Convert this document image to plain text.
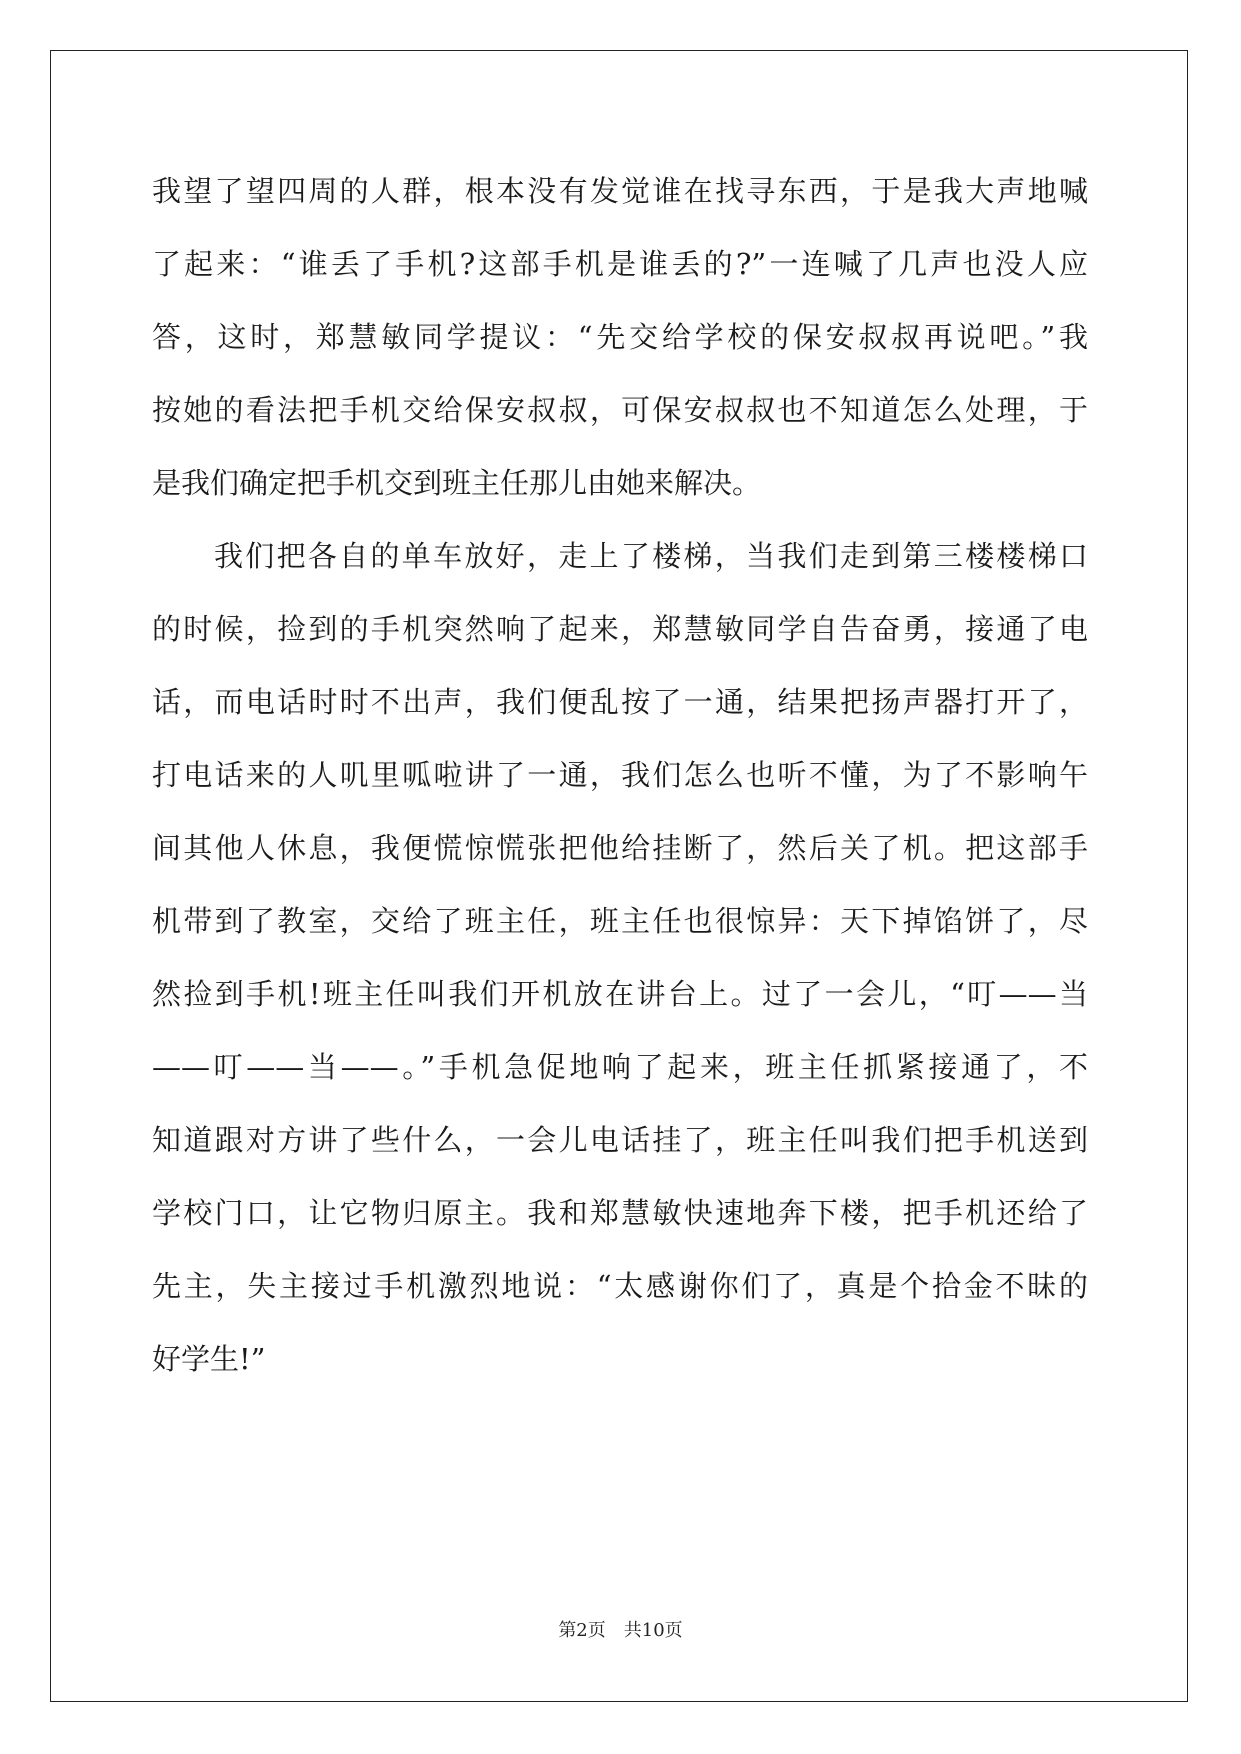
我望了望四周的人群，根本没有发觉谁在找寻东西，于是我大声地喊
了起来：“谁丢了手机?这部手机是谁丢的?”一连喊了几声也没人应
答，这时，郑慧敏同学提议：“先交给学校的保安叔叔再说吧。”我
按她的看法把手机交给保安叔叔，可保安叔叔也不知道怎么处理，于
是我们确定把手机交到班主任那儿由她来解决。
我们把各自的单车放好，走上了楼梯，当我们走到第三楼楼梯口
的时候，捡到的手机突然响了起来，郑慧敏同学自告奋勇，接通了电
话，而电话时时不出声，我们便乱按了一通，结果把扬声器打开了，
打电话来的人叽里呱啦讲了一通，我们怎么也听不懂，为了不影响午
间其他人休息，我便慌惊慌张把他给挂断了，然后关了机。把这部手
机带到了教室，交给了班主任，班主任也很惊异：天下掉馅饼了，尽
然捡到手机!班主任叫我们开机放在讲台上。过了一会儿，“叮——当
——叮——当——。”手机急促地响了起来，班主任抓紧接通了，不
知道跟对方讲了些什么，一会儿电话挂了，班主任叫我们把手机送到
学校门口，让它物归原主。我和郑慧敏快速地奔下楼，把手机还给了
先主，失主接过手机激烈地说：“太感谢你们了，真是个拾金不昧的
好学生!”
第2页 共10页
